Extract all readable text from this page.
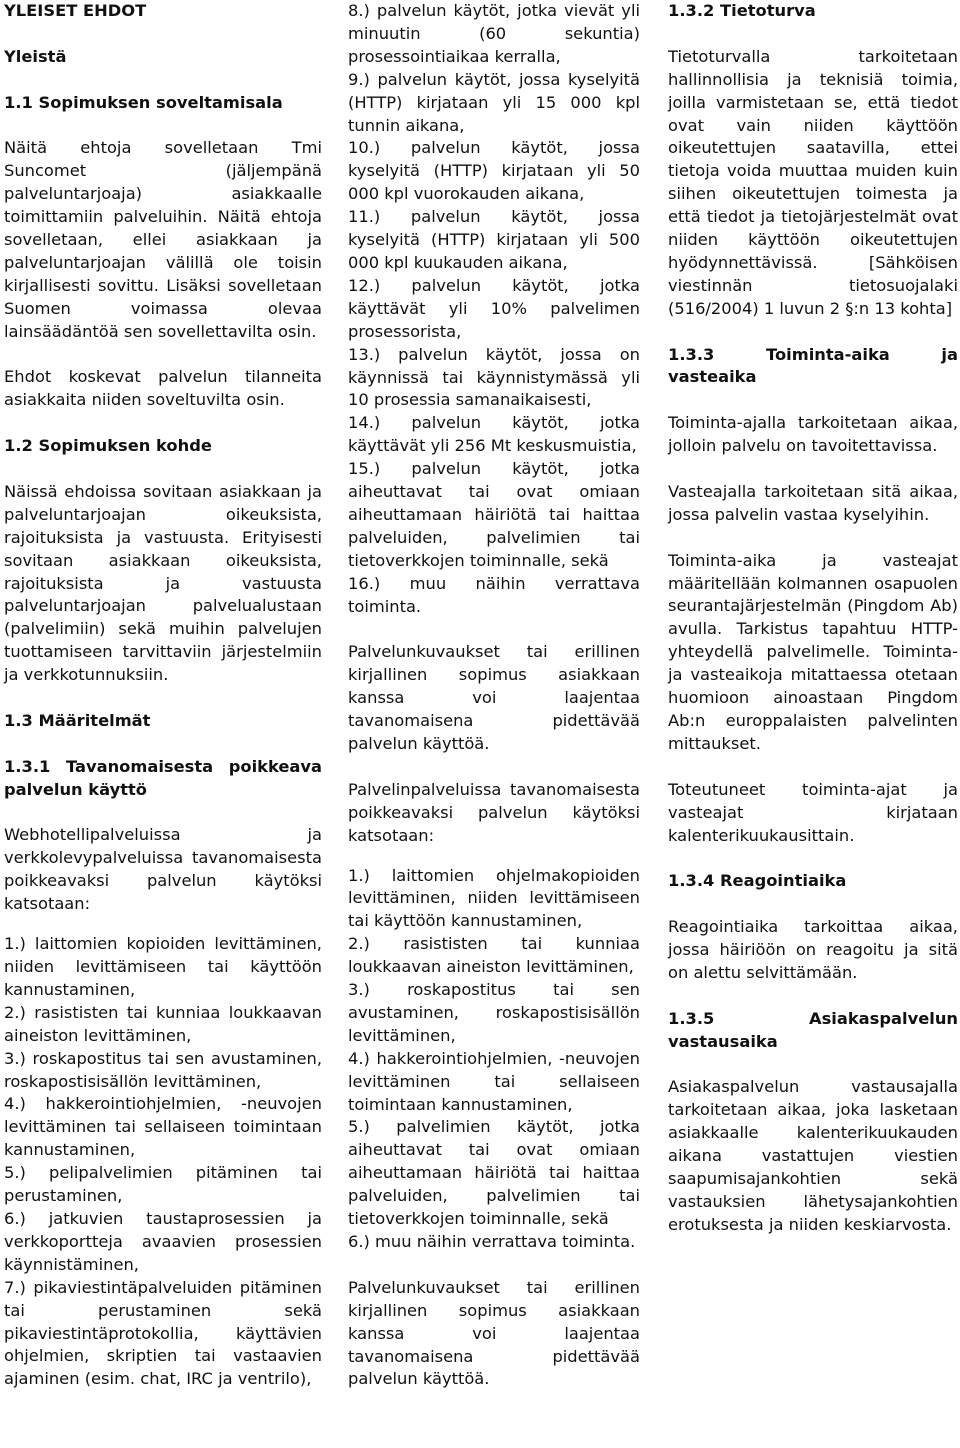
YLEISET EHDOT

Yleistä

1.1 Sopimuksen soveltamisala

Näitä ehtoja sovelletaan Tmi Suncomet (jäljempänä palveluntarjoaja) asiakkaalle toimittamiin palveluihin. Näitä ehtoja sovelletaan, ellei asiakkaan ja palveluntarjoajan välillä ole toisin kirjallisesti sovittu. Lisäksi sovelletaan Suomen voimassa olevaa lainsäädäntöä sen sovellettavilta osin.

Ehdot koskevat palvelun tilanneita asiakkaita niiden soveltuvilta osin.

1.2 Sopimuksen kohde

Näissä ehdoissa sovitaan asiakkaan ja palveluntarjoajan oikeuksista, rajoituksista ja vastuusta. Erityisesti sovitaan asiakkaan oikeuksista, rajoituksista ja vastuusta palveluntarjoajan palvelualustaan (palvelimiin) sekä muihin palvelujen tuottamiseen tarvittaviin järjestelmiin ja verkkotunnuksiin.

1.3 Määritelmät

1.3.1 Tavanomaisesta poikkeava palvelun käyttö

Webhotellipalveluissa ja verkkolevypalveluissa tavanomaisesta poikkeavaksi palvelun käytöksi katsotaan:

1.) laittomien kopioiden levittäminen, niiden levittämiseen tai käyttöön kannustaminen,
2.) rasististen tai kunniaa loukkaavan aineiston levittäminen,
3.) roskapostitus tai sen avustaminen, roskapostisisällön levittäminen,
4.) hakkerointiohjelmien, -neuvojen levittäminen tai sellaiseen toimintaan kannustaminen,
5.) pelipalvelimien pitäminen tai perustaminen,
6.) jatkuvien taustaprosessien ja verkkoportteja avaavien prosessien käynnistäminen,
7.) pikaviestintäpalveluiden pitäminen tai perustaminen sekä pikaviestintäprotokollia, käyttävien ohjelmien, skriptien tai vastaavien ajaminen (esim. chat, IRC ja ventrilo),

8.) palvelun käytöt, jotka vievät yli minuutin (60 sekuntia) prosessointiaikaa kerralla,
9.) palvelun käytöt, jossa kyselyitä (HTTP) kirjataan yli 15 000 kpl tunnin aikana,
10.) palvelun käytöt, jossa kyselyitä (HTTP) kirjataan yli 50 000 kpl vuorokauden aikana,
11.) palvelun käytöt, jossa kyselyitä (HTTP) kirjataan yli 500 000 kpl kuukauden aikana,
12.) palvelun käytöt, jotka käyttävät yli 10% palvelimen prosessorista,
13.) palvelun käytöt, jossa on käynnissä tai käynnistymässä yli 10 prosessia samanaikaisesti,
14.) palvelun käytöt, jotka käyttävät yli 256 Mt keskusmuistia,
15.) palvelun käytöt, jotka aiheuttavat tai ovat omiaan aiheuttamaan häiriötä tai haittaa palveluiden, palvelimien tai tietoverkkojen toiminnalle, sekä
16.) muu näihin verrattava toiminta.

Palvelunkuvaukset tai erillinen kirjallinen sopimus asiakkaan kanssa voi laajentaa tavanomaisena pidettävää palvelun käyttöä.

Palvelinpalveluissa tavanomaisesta poikkeavaksi palvelun käytöksi katsotaan:

1.) laittomien ohjelmakopioiden levittäminen, niiden levittämiseen tai käyttöön kannustaminen,
2.) rasististen tai kunniaa loukkaavan aineiston levittäminen,
3.) roskapostitus tai sen avustaminen, roskapostisisällön levittäminen,
4.) hakkerointiohjelmien, -neuvojen levittäminen tai sellaiseen toimintaan kannustaminen,
5.) palvelimien käytöt, jotka aiheuttavat tai ovat omiaan aiheuttamaan häiriötä tai haittaa palveluiden, palvelimien tai tietoverkkojen toiminnalle, sekä
6.) muu näihin verrattava toiminta.

Palvelunkuvaukset tai erillinen kirjallinen sopimus asiakkaan kanssa voi laajentaa tavanomaisena pidettävää palvelun käyttöä.

1.3.2 Tietoturva

Tietoturvalla tarkoitetaan hallinnollisia ja teknisiä toimia, joilla varmistetaan se, että tiedot ovat vain niiden käyttöön oikeutettujen saatavilla, ettei tietoja voida muuttaa muiden kuin siihen oikeutettujen toimesta ja että tiedot ja tietojärjestelmät ovat niiden käyttöön oikeutettujen hyödynnettävissä. [Sähköisen viestinnän tietosuojalaki (516/2004) 1 luvun 2 §:n 13 kohta]

1.3.3 Toiminta-aika ja vasteaika

Toiminta-ajalla tarkoitetaan aikaa, jolloin palvelu on tavoitettavissa.

Vasteajalla tarkoitetaan sitä aikaa, jossa palvelin vastaa kyselyihin.

Toiminta-aika ja vasteajat määritellään kolmannen osapuolen seurantajärjestelmän (Pingdom Ab) avulla. Tarkistus tapahtuu HTTP-yhteydellä palvelimelle. Toiminta- ja vasteaikoja mitattaessa otetaan huomioon ainoastaan Pingdom Ab:n europpalaisten palvelinten mittaukset.

Toteutuneet toiminta-ajat ja vasteajat kirjataan kalenterikuukausittain.

1.3.4 Reagointiaika

Reagointiaika tarkoittaa aikaa, jossa häiriöön on reagoitu ja sitä on alettu selvittämään.

1.3.5 Asiakaspalvelun vastausaika

Asiakaspalvelun vastausajalla tarkoitetaan aikaa, joka lasketaan asiakkaalle kalenterikuukauden aikana vastattujen viestien saapumisajankohtien sekä vastauksien lähetysajankohtien erotuksesta ja niiden keskiarvosta.
